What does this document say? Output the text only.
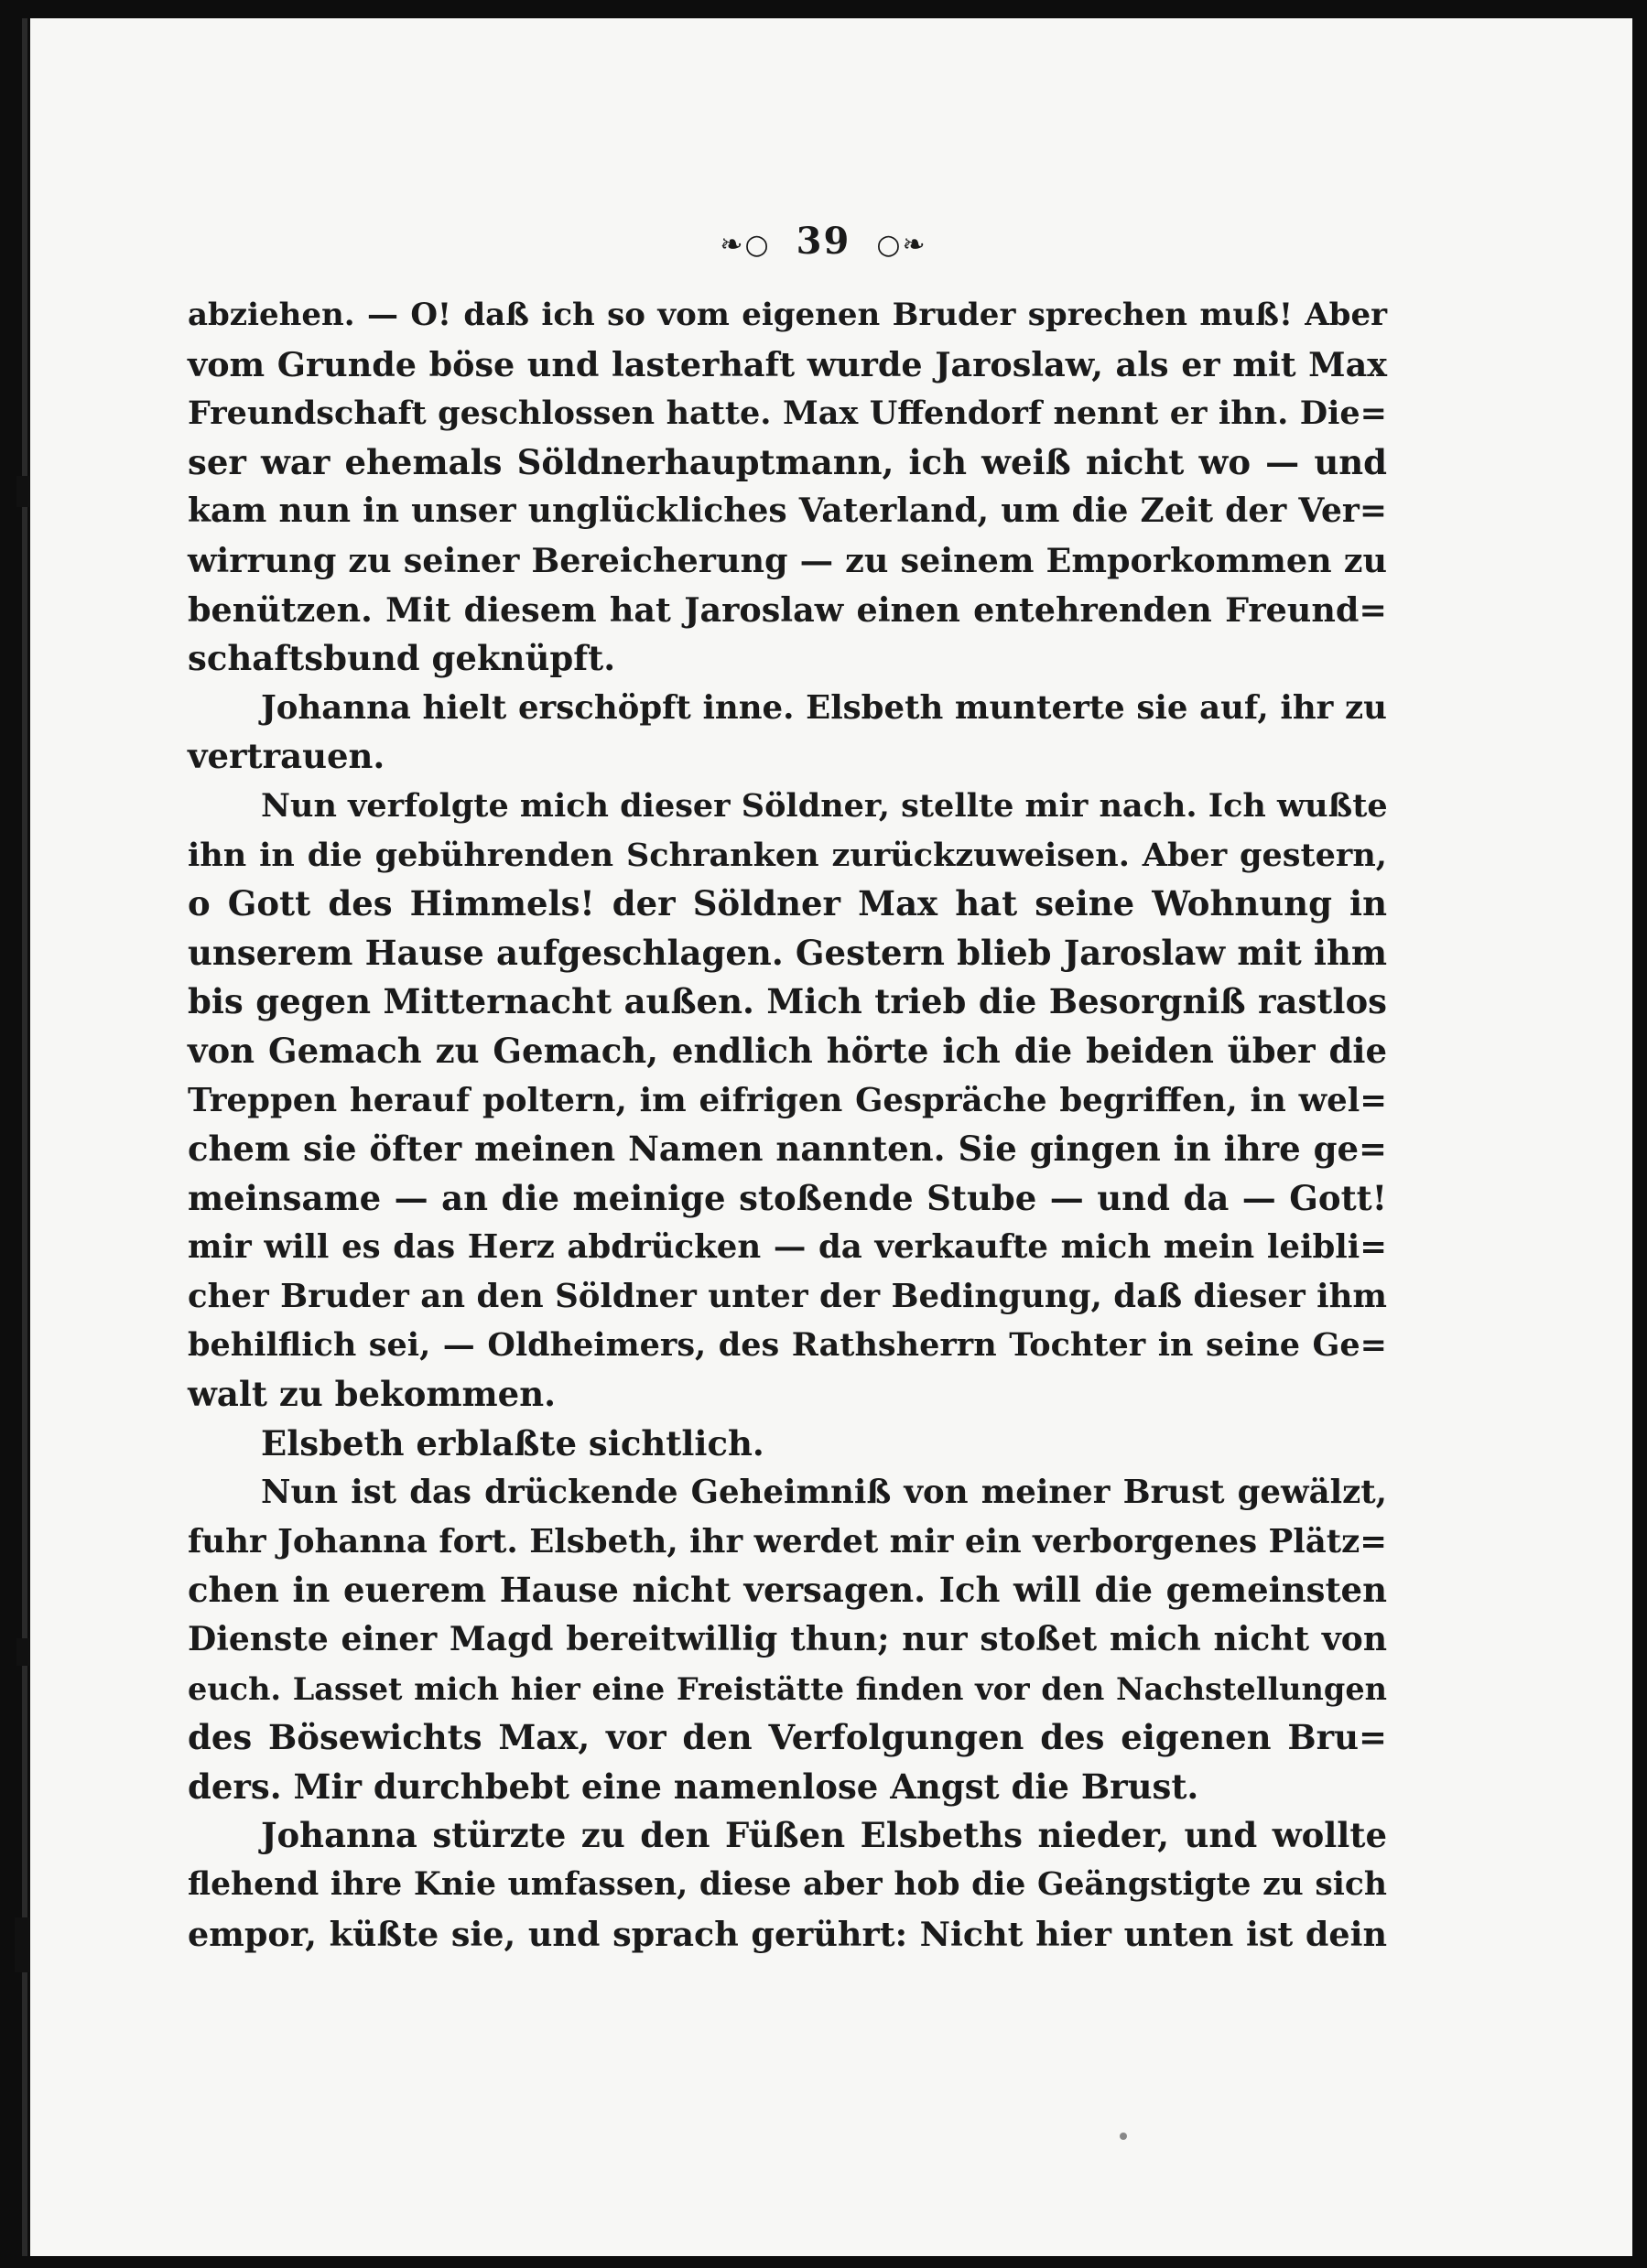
❧○ 39 ○❧
abziehen. — O! daß ich so vom eigenen Bruder sprechen muß! Aber
vom Grunde böse und lasterhaft wurde Jaroslaw, als er mit Max
Freundschaft geschlossen hatte. Max Uffendorf nennt er ihn. Die=
ser war ehemals Söldnerhauptmann, ich weiß nicht wo — und
kam nun in unser unglückliches Vaterland, um die Zeit der Ver=
wirrung zu seiner Bereicherung — zu seinem Emporkommen zu
benützen. Mit diesem hat Jaroslaw einen entehrenden Freund=
schaftsbund geknüpft.
Johanna hielt erschöpft inne. Elsbeth munterte sie auf, ihr zu
vertrauen.
Nun verfolgte mich dieser Söldner, stellte mir nach. Ich wußte
ihn in die gebührenden Schranken zurückzuweisen. Aber gestern,
o Gott des Himmels! der Söldner Max hat seine Wohnung in
unserem Hause aufgeschlagen. Gestern blieb Jaroslaw mit ihm
bis gegen Mitternacht außen. Mich trieb die Besorgniß rastlos
von Gemach zu Gemach, endlich hörte ich die beiden über die
Treppen herauf poltern, im eifrigen Gespräche begriffen, in wel=
chem sie öfter meinen Namen nannten. Sie gingen in ihre ge=
meinsame — an die meinige stoßende Stube — und da — Gott!
mir will es das Herz abdrücken — da verkaufte mich mein leibli=
cher Bruder an den Söldner unter der Bedingung, daß dieser ihm
behilflich sei, — Oldheimers, des Rathsherrn Tochter in seine Ge=
walt zu bekommen.
Elsbeth erblaßte sichtlich.
Nun ist das drückende Geheimniß von meiner Brust gewälzt,
fuhr Johanna fort. Elsbeth, ihr werdet mir ein verborgenes Plätz=
chen in euerem Hause nicht versagen. Ich will die gemeinsten
Dienste einer Magd bereitwillig thun; nur stoßet mich nicht von
euch. Lasset mich hier eine Freistätte finden vor den Nachstellungen
des Bösewichts Max, vor den Verfolgungen des eigenen Bru=
ders. Mir durchbebt eine namenlose Angst die Brust.
Johanna stürzte zu den Füßen Elsbeths nieder, und wollte
flehend ihre Knie umfassen, diese aber hob die Geängstigte zu sich
empor, küßte sie, und sprach gerührt: Nicht hier unten ist dein
